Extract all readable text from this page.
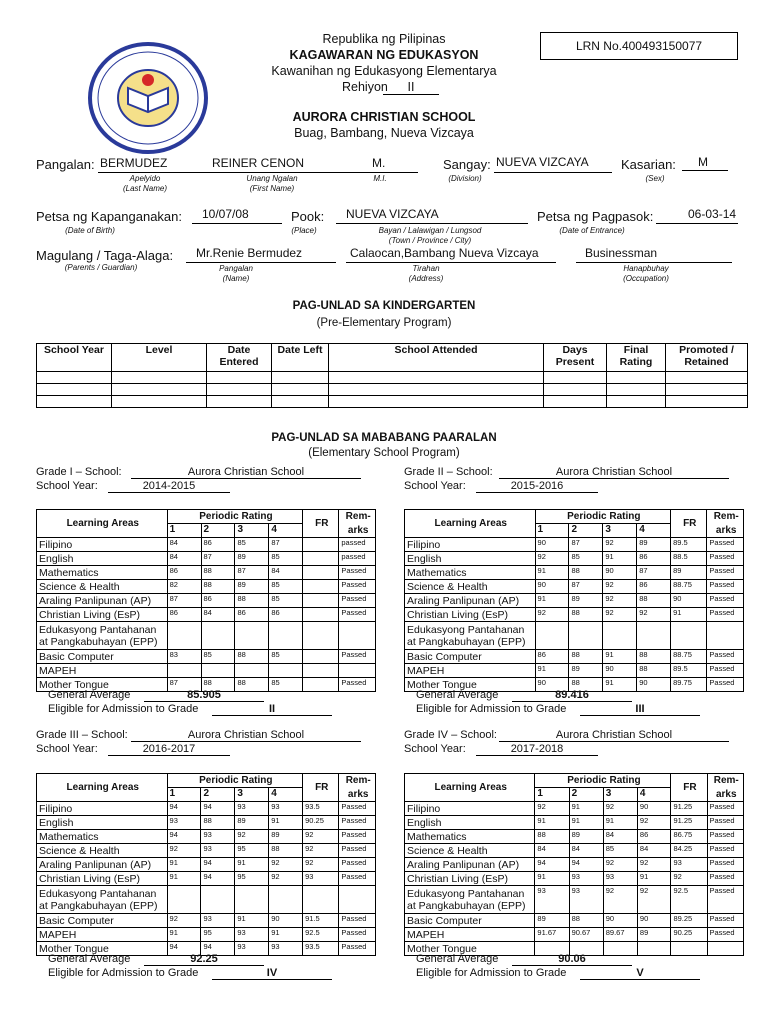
Republika ng Pilipinas
KAGAWARAN NG EDUKASYON
Kawanihan ng Edukasyong Elementarya
Rehiyon	II
AURORA CHRISTIAN SCHOOL
Buag, Bambang, Nueva Vizcaya
LRN No.400493150077
Pangalan: BERMUDEZ	REINER CENON	M.
Apelyido
(Last Name)
Unang Ngalan
(First Name)
M.I.
Sangay: NUEVA VIZCAYA
(Division)
Kasarian: M
(Sex)
Petsa ng Kapanganakan: 10/07/08
(Date of Birth)
Pook: NUEVA VIZCAYA
(Place)	Bayan / Lalawigan / Lungsod
(Town / Province / City)
Petsa ng Pagpasok:	06-03-14
(Date of Entrance)
Magulang / Taga-Alaga:
(Parents / Guardian)
Mr.Renie Bermudez
Pangalan
(Name)
Calaocan,Bambang Nueva Vizcaya
Tirahan
(Address)
Businessman
Hanapbuhay
(Occupation)
PAG-UNLAD SA KINDERGARTEN
(Pre-Elementary Program)
School Year	Level	Date Entered	Date Left	School Attended	Days Present	Final Rating	Promoted / Retained

PAG-UNLAD SA MABABANG PAARALAN
(Elementary School Program)
Grade I – School:	Aurora Christian School
School Year:	2014-2015
Learning Areas	Periodic Rating				FR	Rem-
	1	2	3	4		arks
Filipino	84	86	85	87		passed
English	84	87	89	85		passed
Mathematics	86	88	87	84		Passed
Science & Health	82	88	89	85		Passed
Araling Panlipunan (AP)	87	86	88	85		Passed
Christian Living (EsP)	86	84	86	86		Passed
Edukasyong Pantahanan
at Pangkabuhayan (EPP)						
Basic Computer	83	85	88	85		Passed
MAPEH						
Mother Tongue	87	88	88	85		Passed
General Average	85.905
Eligible for Admission to Grade	II
Grade II – School:	Aurora Christian School
School Year:	2015-2016
Learning Areas	Periodic Rating				FR	Rem-
	1	2	3	4		arks
Filipino	90	87	92	89	89.5	Passed
English	92	85	91	86	88.5	Passed
Mathematics	91	88	90	87	89	Passed
Science & Health	90	87	92	86	88.75	Passed
Araling Panlipunan (AP)	91	89	92	88	90	Passed
Christian Living (EsP)	92	88	92	92	91	Passed
Edukasyong Pantahanan
at Pangkabuhayan (EPP)						
Basic Computer	86	88	91	88	88.75	Passed
MAPEH	91	89	90	88	89.5	Passed
Mother Tongue	90	88	91	90	89.75	Passed
General Average	89.416
Eligible for Admission to Grade	III
Grade III – School:	Aurora Christian School
School Year:	2016-2017
Learning Areas	Periodic Rating				FR	Rem-
	1	2	3	4		arks
Filipino	94	94	93	93	93.5	Passed
English	93	88	89	91	90.25	Passed
Mathematics	94	93	92	89	92	Passed
Science & Health	92	93	95	88	92	Passed
Araling Panlipunan (AP)	91	94	91	92	92	Passed
Christian Living (EsP)	91	94	95	92	93	Passed
Edukasyong Pantahanan
at Pangkabuhayan (EPP)						
Basic Computer	92	93	91	90	91.5	Passed
MAPEH	91	95	93	91	92.5	Passed
Mother Tongue	94	94	93	93	93.5	Passed
General Average	92.25
Eligible for Admission to Grade	IV
Grade IV – School:	Aurora Christian School
School Year:	2017-2018
Learning Areas	Periodic Rating				FR	Rem-
	1	2	3	4		arks
Filipino	92	91	92	90	91.25	Passed
English	91	91	91	92	91.25	Passed
Mathematics	88	89	84	86	86.75	Passed
Science & Health	84	84	85	84	84.25	Passed
Araling Panlipunan (AP)	94	94	92	92	93	Passed
Christian Living (EsP)	91	93	93	91	92	Passed
Edukasyong Pantahanan
at Pangkabuhayan (EPP)	93	93	92	92	92.5	Passed
Basic Computer	89	88	90	90	89.25	Passed
MAPEH	91.67	90.67	89.67	89	90.25	Passed
Mother Tongue						
General Average	90.06
Eligible for Admission to Grade	V
